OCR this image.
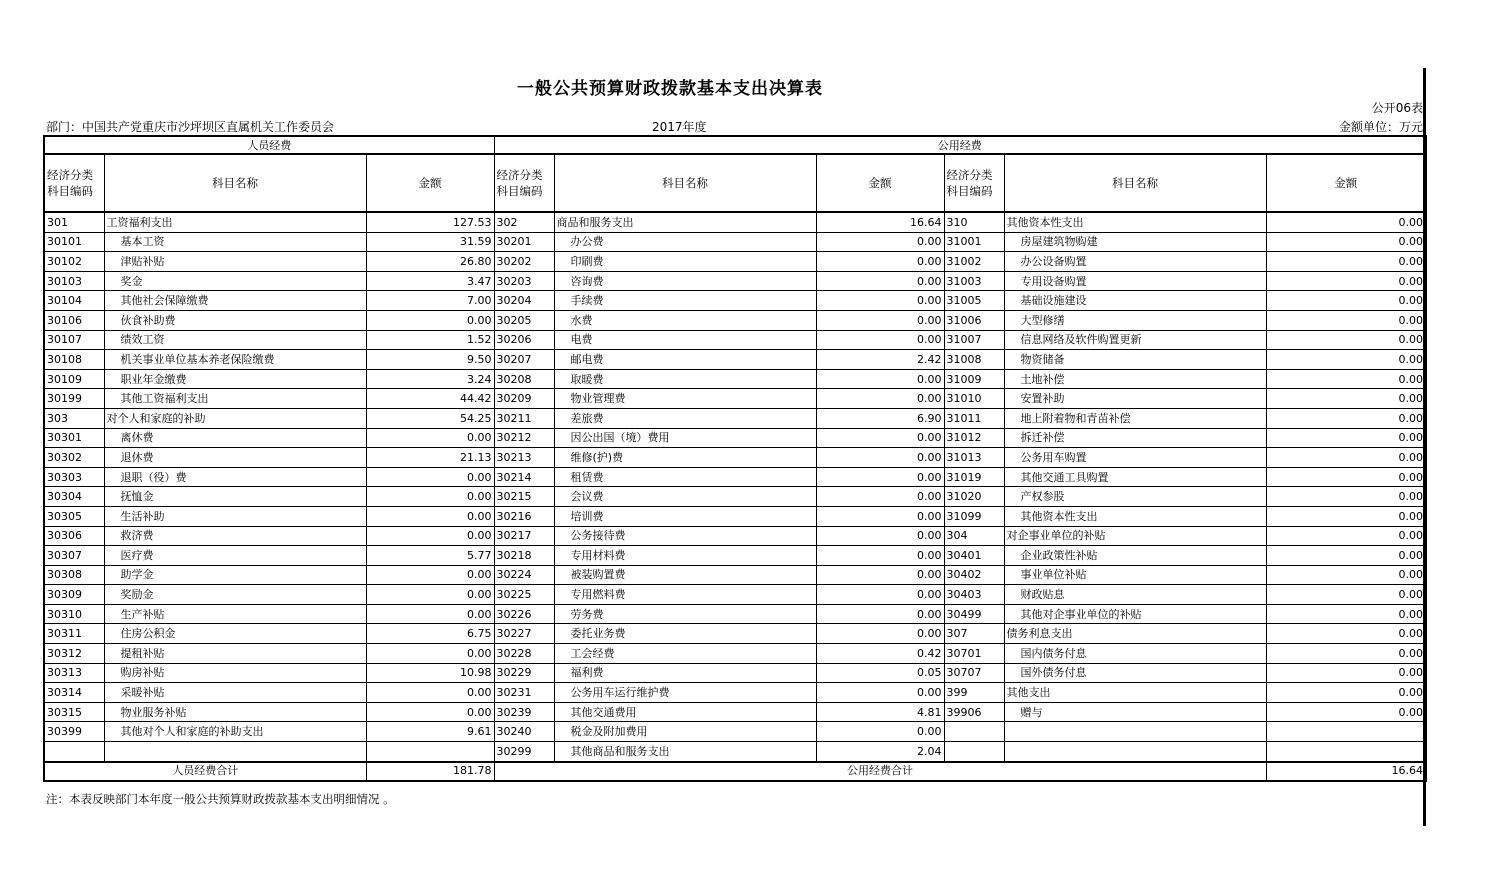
一般公共预算财政拨款基本支出决算表
公开06表
部门：中国共产党重庆市沙坪坝区直属机关工作委员会	2017年度	金额单位：万元
人员经费			公用经费					
经济分类科目编码	科目名称	金额	经济分类科目编码	科目名称	金额	经济分类科目编码	科目名称	金额
301	工资福利支出	127.53	302	商品和服务支出	16.64	310	其他资本性支出	0.00
30101	基本工资	31.59	30201	办公费	0.00	31001	房屋建筑物购建	0.00
30102	津贴补贴	26.80	30202	印刷费	0.00	31002	办公设备购置	0.00
30103	奖金	3.47	30203	咨询费	0.00	31003	专用设备购置	0.00
30104	其他社会保障缴费	7.00	30204	手续费	0.00	31005	基础设施建设	0.00
30106	伙食补助费	0.00	30205	水费	0.00	31006	大型修缮	0.00
30107	绩效工资	1.52	30206	电费	0.00	31007	信息网络及软件购置更新	0.00
30108	机关事业单位基本养老保险缴费	9.50	30207	邮电费	2.42	31008	物资储备	0.00
30109	职业年金缴费	3.24	30208	取暖费	0.00	31009	土地补偿	0.00
30199	其他工资福利支出	44.42	30209	物业管理费	0.00	31010	安置补助	0.00
303	对个人和家庭的补助	54.25	30211	差旅费	6.90	31011	地上附着物和青苗补偿	0.00
30301	离休费	0.00	30212	因公出国（境）费用	0.00	31012	拆迁补偿	0.00
30302	退休费	21.13	30213	维修(护)费	0.00	31013	公务用车购置	0.00
30303	退职（役）费	0.00	30214	租赁费	0.00	31019	其他交通工具购置	0.00
30304	抚恤金	0.00	30215	会议费	0.00	31020	产权参股	0.00
30305	生活补助	0.00	30216	培训费	0.00	31099	其他资本性支出	0.00
30306	救济费	0.00	30217	公务接待费	0.00	304	对企事业单位的补贴	0.00
30307	医疗费	5.77	30218	专用材料费	0.00	30401	企业政策性补贴	0.00
30308	助学金	0.00	30224	被装购置费	0.00	30402	事业单位补贴	0.00
30309	奖励金	0.00	30225	专用燃料费	0.00	30403	财政贴息	0.00
30310	生产补贴	0.00	30226	劳务费	0.00	30499	其他对企事业单位的补贴	0.00
30311	住房公积金	6.75	30227	委托业务费	0.00	307	债务利息支出	0.00
30312	提租补贴	0.00	30228	工会经费	0.42	30701	国内债务付息	0.00
30313	购房补贴	10.98	30229	福利费	0.05	30707	国外债务付息	0.00
30314	采暖补贴	0.00	30231	公务用车运行维护费	0.00	399	其他支出	0.00
30315	物业服务补贴	0.00	30239	其他交通费用	4.81	39906	赠与	0.00
30399	其他对个人和家庭的补助支出	9.61	30240	税金及附加费用	0.00			
			30299	其他商品和服务支出	2.04			
人员经费合计		181.78	公用经费合计					16.64
注：本表反映部门本年度一般公共预算财政拨款基本支出明细情况 。
